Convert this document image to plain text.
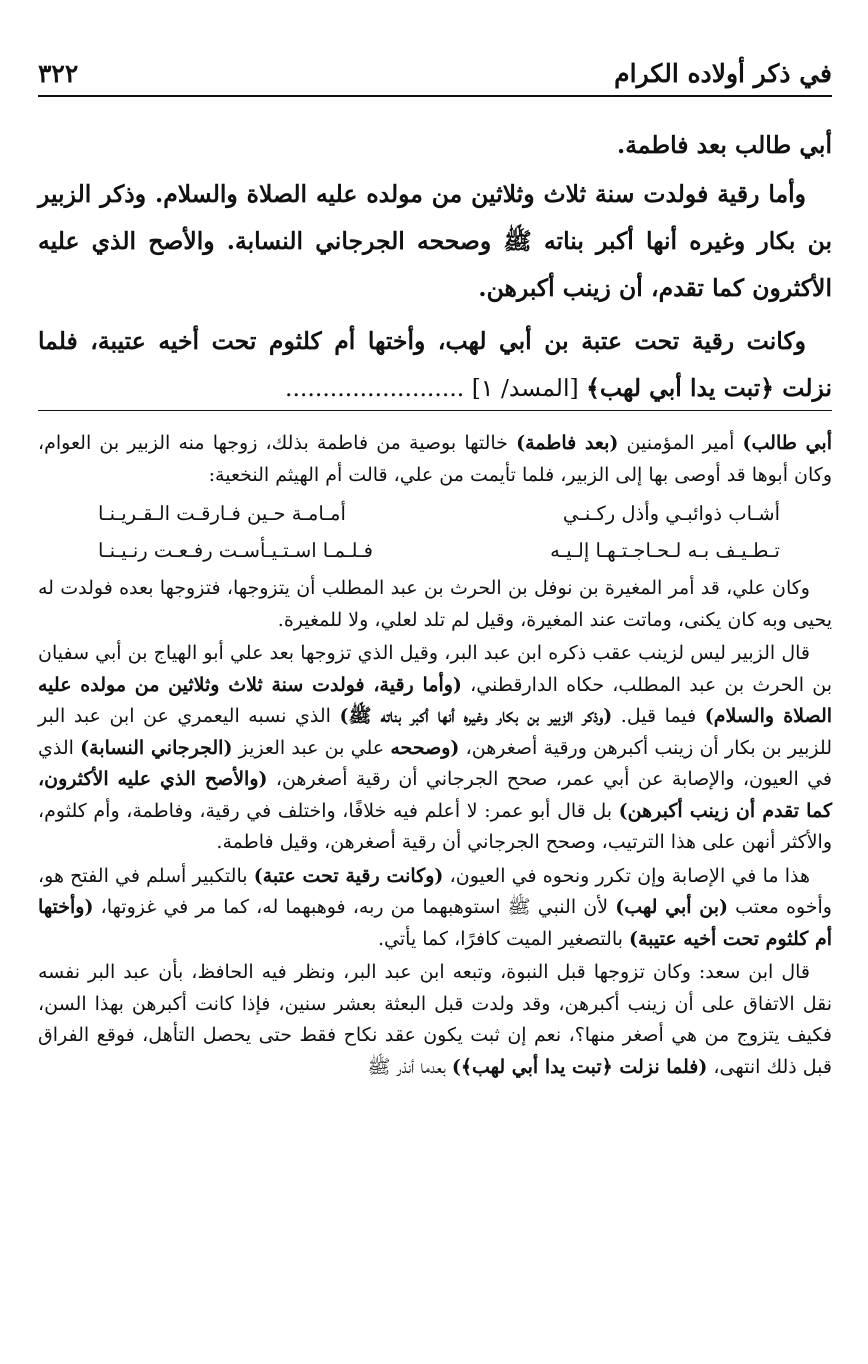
في ذكر أولاده الكرام
٣٢٢

أبي طالب بعد فاطمة.

وأما رقية فولدت سنة ثلاث وثلاثين من مولده عليه الصلاة والسلام. وذكر الزبير بن بكار وغيره أنها أكبر بناته ﷺ وصححه الجرجاني النسابة. والأصح الذي عليه الأكثرون كما تقدم، أن زينب أكبرهن.

وكانت رقية تحت عتبة بن أبي لهب، وأختها أم كلثوم تحت أخيه عتيبة، فلما نزلت ﴿تبت يدا أبي لهب﴾ [المسد/ ١] ........................

أبي طالب) أمير المؤمنين (بعد فاطمة) خالتها بوصية من فاطمة بذلك، زوجها منه الزبير بن العوام، وكان أبوها قد أوصى بها إلى الزبير، فلما تأيمت من علي، قالت أم الهيثم النخعية:

أشـاب ذوائبـي وأذل ركـنـي
أمـامـة حـين فـارقـت الـقـريـنـا
تـطـيـف بـه لـحـاجـتـهـا إلـيـه
فـلـمـا اسـتـيـأسـت رفـعـت رنـيـنـا

وكان علي، قد أمر المغيرة بن نوفل بن الحرث بن عبد المطلب أن يتزوجها، فتزوجها بعده فولدت له يحيى وبه كان يكنى، وماتت عند المغيرة، وقيل لم تلد لعلي، ولا للمغيرة.

قال الزبير ليس لزينب عقب ذكره ابن عبد البر، وقيل الذي تزوجها بعد علي أبو الهياج بن أبي سفيان بن الحرث بن عبد المطلب، حكاه الدارقطني، (وأما رقية، فولدت سنة ثلاث وثلاثين من مولده عليه الصلاة والسلام) فيما قيل. (وذكر الزبير بن بكار وغيره أنها أكبر بناته ﷺ) الذي نسبه اليعمري عن ابن عبد البر للزبير بن بكار أن زينب أكبرهن ورقية أصغرهن، (وصححه علي بن عبد العزيز (الجرجاني النسابة) الذي في العيون، والإصابة عن أبي عمر، صحح الجرجاني أن رقية أصغرهن، (والأصح الذي عليه الأكثرون، كما تقدم أن زينب أكبرهن) بل قال أبو عمر: لا أعلم فيه خلافًا، واختلف في رقية، وفاطمة، وأم كلثوم، والأكثر أنهن على هذا الترتيب، وصحح الجرجاني أن رقية أصغرهن، وقيل فاطمة.

هذا ما في الإصابة وإن تكرر ونحوه في العيون، (وكانت رقية تحت عتبة) بالتكبير أسلم في الفتح هو، وأخوه معتب (بن أبي لهب) لأن النبي ﷺ استوهبهما من ربه، فوهبهما له، كما مر في غزوتها، (وأختها أم كلثوم تحت أخيه عتيبة) بالتصغير الميت كافرًا، كما يأتي.

قال ابن سعد: وكان تزوجها قبل النبوة، وتبعه ابن عبد البر، ونظر فيه الحافظ، بأن عبد البر نفسه نقل الاتفاق على أن زينب أكبرهن، وقد ولدت قبل البعثة بعشر سنين، فإذا كانت أكبرهن بهذا السن، فكيف يتزوج من هي أصغر منها؟، نعم إن ثبت يكون عقد نكاح فقط حتى يحصل التأهل، فوقع الفراق قبل ذلك انتهى، (فلما نزلت ﴿تبت يدا أبي لهب﴾) بعدما أنذر ﷺ
